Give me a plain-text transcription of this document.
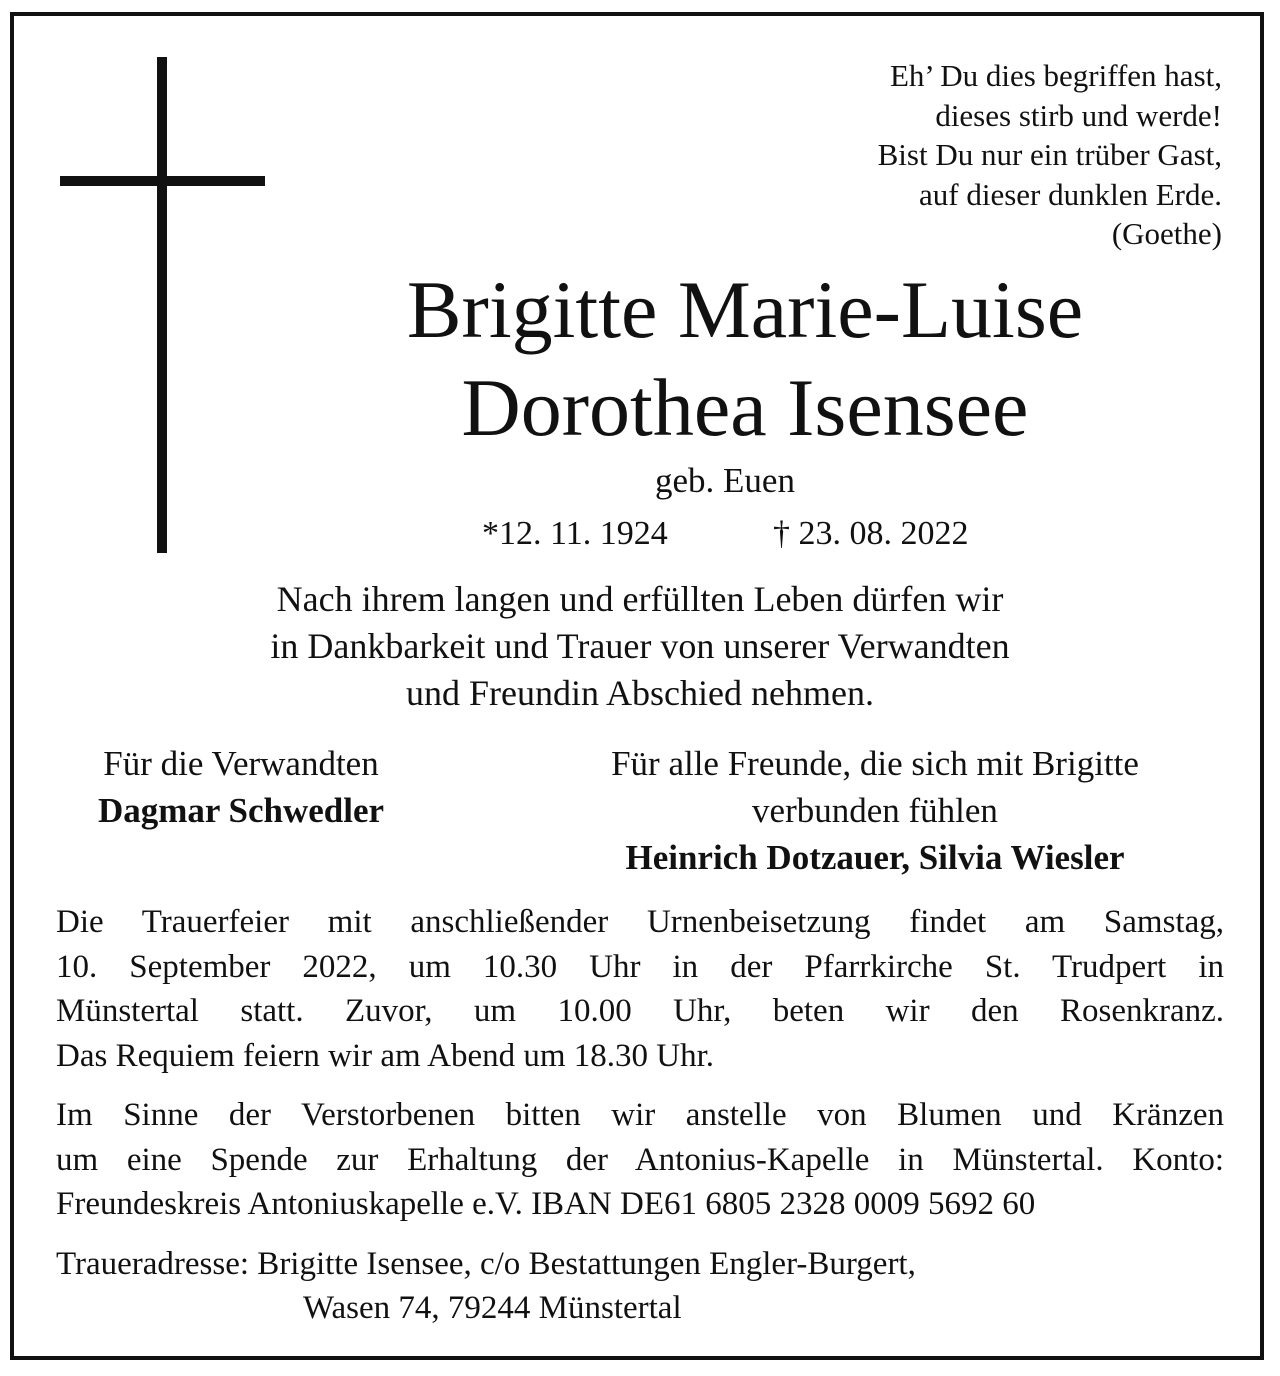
Eh’ Du dies begriffen hast,
dieses stirb und werde!
Bist Du nur ein trüber Gast,
auf dieser dunklen Erde.
(Goethe)
Brigitte Marie-Luise
Dorothea Isensee
geb. Euen
*12. 11. 1924	† 23. 08. 2022
Nach ihrem langen und erfüllten Leben dürfen wir
in Dankbarkeit und Trauer von unserer Verwandten
und Freundin Abschied nehmen.
Für die Verwandten
Dagmar Schwedler
Für alle Freunde, die sich mit Brigitte
verbunden fühlen
Heinrich Dotzauer, Silvia Wiesler
Die Trauerfeier mit anschließender Urnenbeisetzung findet am Samstag,
10. September 2022, um 10.30 Uhr in der Pfarrkirche St. Trudpert in
Münstertal statt. Zuvor, um 10.00 Uhr, beten wir den Rosenkranz.
Das Requiem feiern wir am Abend um 18.30 Uhr.
Im Sinne der Verstorbenen bitten wir anstelle von Blumen und Kränzen
um eine Spende zur Erhaltung der Antonius-Kapelle in Münstertal. Konto:
Freundeskreis Antoniuskapelle e.V. IBAN DE61 6805 2328 0009 5692 60
Traueradresse: Brigitte Isensee, c/o Bestattungen Engler-Burgert,
Wasen 74, 79244 Münstertal
